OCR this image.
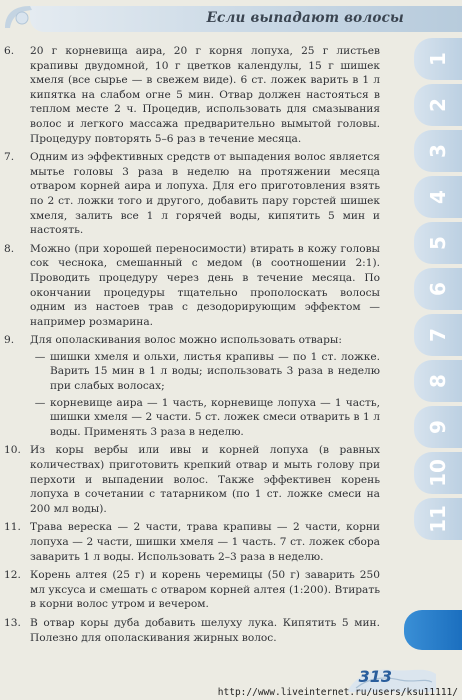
Если выпадают волосы
6.	20 г корневища аира, 20 г корня лопуха, 25 г листьев крапивы двудомной, 10 г цветков календулы, 15 г шишек хмеля (все сырье — в свежем виде). 6 ст. ложек варить в 1 л кипятка на слабом огне 5 мин. Отвар должен настояться в теплом месте 2 ч. Процедив, использовать для смазывания волос и легкого массажа предварительно вымытой головы. Процедуру повторять 5–6 раз в течение месяца.
7.	Одним из эффективных средств от выпадения волос является мытье головы 3 раза в неделю на протяжении месяца отваром корней аира и лопуха. Для его приготовления взять по 2 ст. ложки того и другого, добавить пару горстей шишек хмеля, залить все 1 л горячей воды, кипятить 5 мин и настоять.
8.	Можно (при хорошей переносимости) втирать в кожу головы сок чеснока, смешанный с медом (в соотношении 2:1). Проводить процедуру через день в течение месяца. По окончании процедуры тщательно прополоскать волосы одним из настоев трав с дезодорирующим эффектом — например розмарина.
9.	Для ополаскивания волос можно использовать отвары:
— шишки хмеля и ольхи, листья крапивы — по 1 ст. ложке. Варить 15 мин в 1 л воды; использовать 3 раза в неделю при слабых волосах;
— корневище аира — 1 часть, корневище лопуха — 1 часть, шишки хмеля — 2 части. 5 ст. ложек смеси отварить в 1 л воды. Применять 3 раза в неделю.
10. Из коры вербы или ивы и корней лопуха (в равных количествах) приготовить крепкий отвар и мыть голову при перхоти и выпадении волос. Также эффективен корень лопуха в сочетании с татарником (по 1 ст. ложке смеси на 200 мл воды).
11. Трава вереска — 2 части, трава крапивы — 2 части, корни лопуха — 2 части, шишки хмеля — 1 часть. 7 ст. ложек сбора заварить 1 л воды. Использовать 2–3 раза в неделю.
12. Корень алтея (25 г) и корень черемицы (50 г) заварить 250 мл уксуса и смешать с отваром корней алтея (1:200). Втирать в корни волос утром и вечером.
13. В отвар коры дуба добавить шелуху лука. Кипятить 5 мин. Полезно для ополаскивания жирных волос.
1
2
3
4
5
6
7
8
9
10
11
313
http://www.liveinternet.ru/users/ksu11111/
